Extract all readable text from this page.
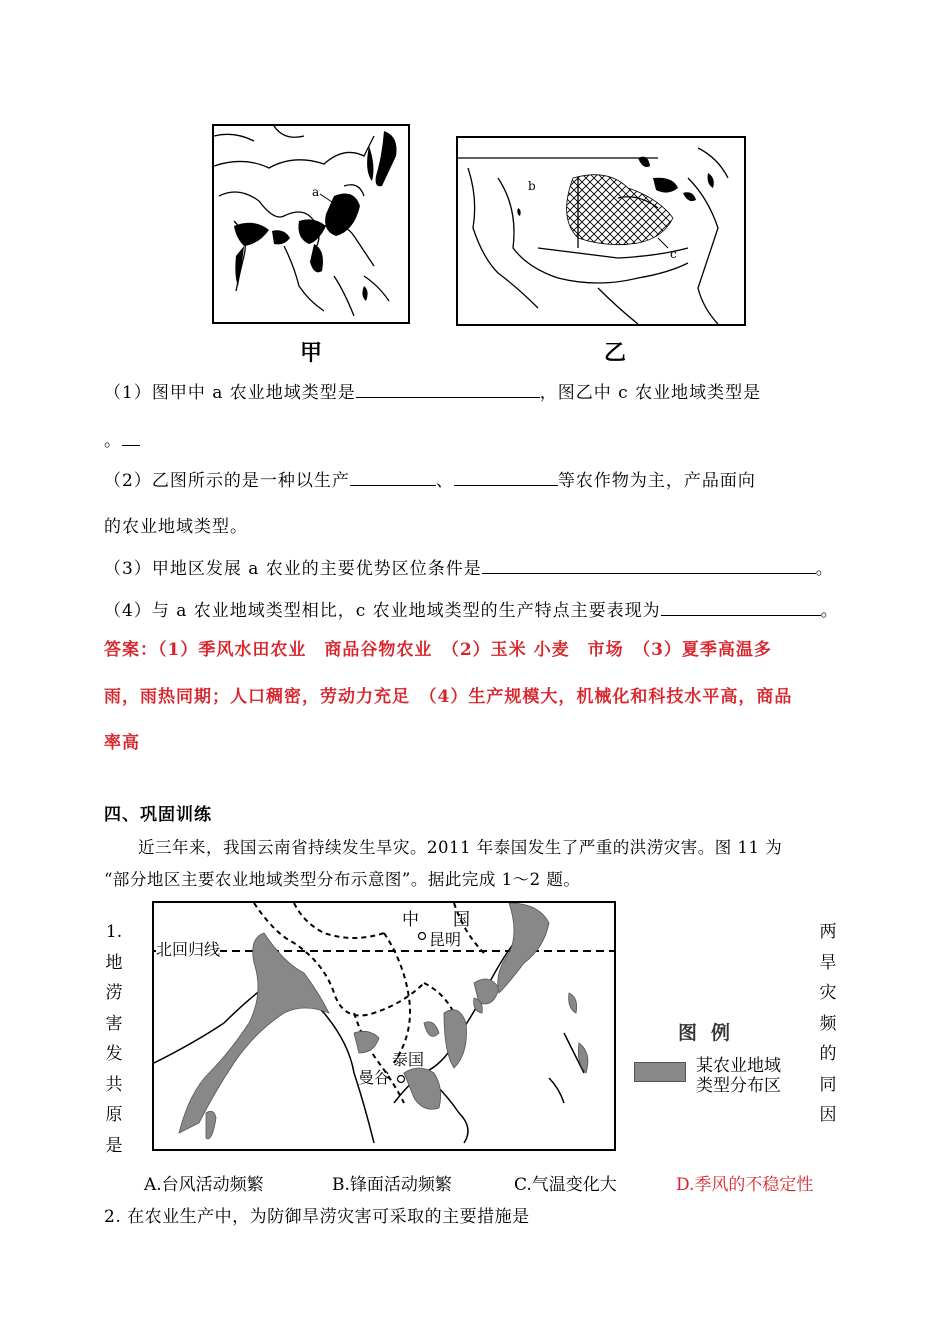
a
甲
b
c
乙
（1）图甲中 a 农业地域类型是	，图乙中 c 农业地域类型是
。
（2）乙图所示的是一种以生产	、	等农作物为主，产品面向
的农业地域类型。
（3）甲地区发展 a 农业的主要优势区位条件是	。
（4）与 a 农业地域类型相比，c 农业地域类型的生产特点主要表现为	。
答案：（1）季风水田农业　商品谷物农业　（2）玉米 小麦　市场　（3）夏季高温多
雨，雨热同期；人口稠密，劳动力充足　（4）生产规模大，机械化和科技水平高，商品
率高
四、巩固训练
近三年来，我国云南省持续发生旱灾。2011 年泰国发生了严重的洪涝灾害。图 11 为
“部分地区主要农业地域类型分布示意图”。据此完成 1～2 题。
中　　国
昆明
北回归线
泰国
曼谷
图例
某农业地域
类型分布区
1.
地
涝
害
发
共
原
是
两
旱
灾
频
的
同
因
A.台风活动频繁	B.锋面活动频繁	C.气温变化大	D.季风的不稳定性
2. 在农业生产中，为防御旱涝灾害可采取的主要措施是
